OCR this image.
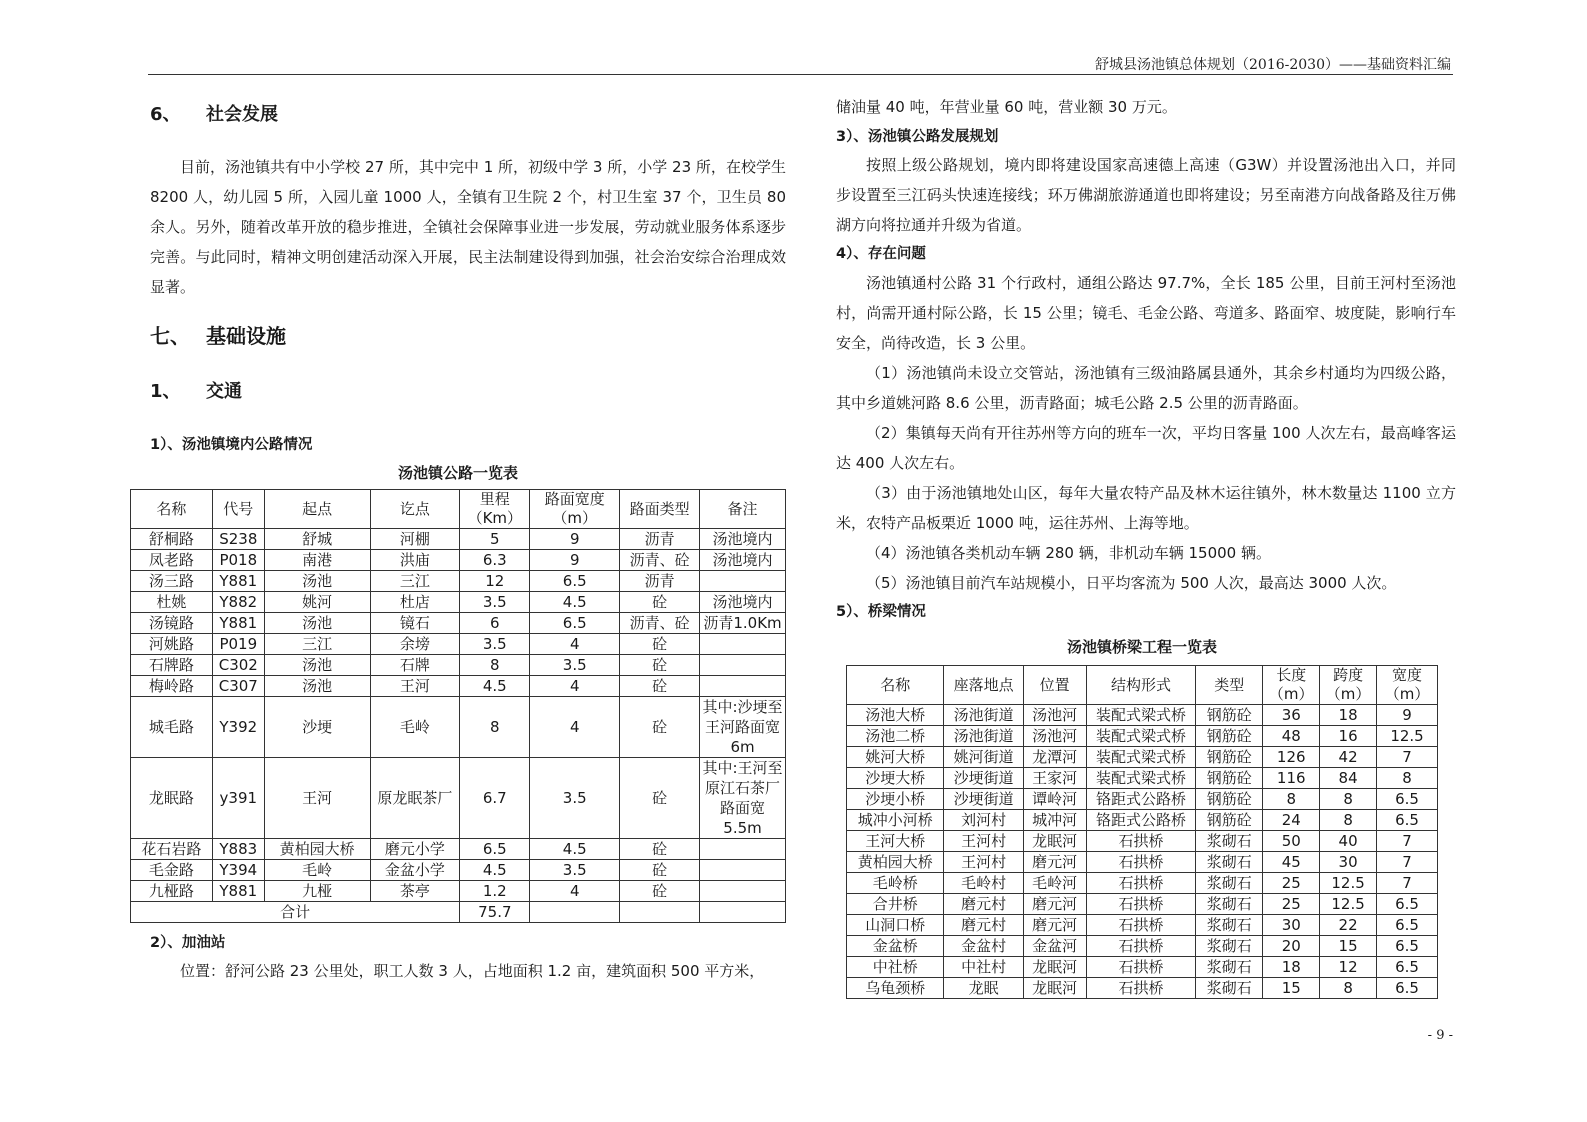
舒城县汤池镇总体规划（2016-2030）——基础资料汇编
6、	社会发展

目前，汤池镇共有中小学校 27 所，其中完中 1 所，初级中学 3 所，小学 23 所，在校学生 8200 人，幼儿园 5 所，入园儿童 1000 人，全镇有卫生院 2 个，村卫生室 37 个，卫生员 80 余人。另外，随着改革开放的稳步推进，全镇社会保障事业进一步发展，劳动就业服务体系逐步完善。与此同时，精神文明创建活动深入开展，民主法制建设得到加强，社会治安综合治理成效显著。

七、 基础设施
1、	交通
1）、汤池镇境内公路情况
汤池镇公路一览表
名称	代号	起点	讫点	里程（Km）	路面宽度（m）	路面类型	备注
舒桐路	S238	舒城	河棚	5	9	沥青	汤池境内
凤老路	P018	南港	洪庙	6.3	9	沥青、砼	汤池境内
汤三路	Y881	汤池	三江	12	6.5	沥青	
杜姚	Y882	姚河	杜店	3.5	4.5	砼	汤池境内
汤镜路	Y881	汤池	镜石	6	6.5	沥青、砼	沥青1.0Km
河姚路	P019	三江	余塝	3.5	4	砼	
石牌路	C302	汤池	石牌	8	3.5	砼	
梅岭路	C307	汤池	王河	4.5	4	砼	
城毛路	Y392	沙埂	毛岭	8	4	砼	其中:沙埂至王河路面宽6m
龙眠路	y391	王河	原龙眠茶厂	6.7	3.5	砼	其中:王河至原江石茶厂路面宽 5.5m
花石岩路	Y883	黄柏园大桥	磨元小学	6.5	4.5	砼	
毛金路	Y394	毛岭	金盆小学	4.5	3.5	砼	
九桠路	Y881	九桠	茶亭	1.2	4	砼	
合计				75.7			
2）、加油站

位置：舒河公路 23 公里处，职工人数 3 人，占地面积 1.2 亩，建筑面积 500 平方米，

储油量 40 吨，年营业量 60 吨，营业额 30 万元。

3）、汤池镇公路发展规划

按照上级公路规划，境内即将建设国家高速德上高速（G3W）并设置汤池出入口，并同步设置至三江码头快速连接线；环万佛湖旅游通道也即将建设；另至南港方向战备路及往万佛湖方向将拉通并升级为省道。

4）、存在问题

汤池镇通村公路 31 个行政村，通组公路达 97.7%，全长 185 公里，目前王河村至汤池村，尚需开通村际公路，长 15 公里；镜毛、毛金公路、弯道多、路面窄、坡度陡，影响行车安全，尚待改造，长 3 公里。

（1）汤池镇尚未设立交管站，汤池镇有三级油路属县通外，其余乡村通均为四级公路，其中乡道姚河路 8.6 公里，沥青路面；城毛公路 2.5 公里的沥青路面。

（2）集镇每天尚有开往苏州等方向的班车一次，平均日客量 100 人次左右，最高峰客运达 400 人次左右。

（3）由于汤池镇地处山区，每年大量农特产品及林木运往镇外，林木数量达 1100 立方米，农特产品板栗近 1000 吨，运往苏州、上海等地。

（4）汤池镇各类机动车辆 280 辆，非机动车辆 15000 辆。

（5）汤池镇目前汽车站规模小，日平均客流为 500 人次，最高达 3000 人次。

5）、桥梁情况
汤池镇桥梁工程一览表
名称	座落地点	位置	结构形式	类型	长度（m）	跨度（m）	宽度（m）
汤池大桥	汤池街道	汤池河	装配式梁式桥	钢筋砼	36	18	9
汤池二桥	汤池街道	汤池河	装配式梁式桥	钢筋砼	48	16	12.5
姚河大桥	姚河街道	龙潭河	装配式梁式桥	钢筋砼	126	42	7
沙埂大桥	沙埂街道	王家河	装配式梁式桥	钢筋砼	116	84	8
沙埂小桥	沙埂街道	谭岭河	铬距式公路桥	钢筋砼	8	8	6.5
城冲小河桥	刘河村	城冲河	铬距式公路桥	钢筋砼	24	8	6.5
王河大桥	王河村	龙眠河	石拱桥	浆砌石	50	40	7
黄柏园大桥	王河村	磨元河	石拱桥	浆砌石	45	30	7
毛岭桥	毛岭村	毛岭河	石拱桥	浆砌石	25	12.5	7
合井桥	磨元村	磨元河	石拱桥	浆砌石	25	12.5	6.5
山洞口桥	磨元村	磨元河	石拱桥	浆砌石	30	22	6.5
金盆桥	金盆村	金盆河	石拱桥	浆砌石	20	15	6.5
中社桥	中社村	龙眠河	石拱桥	浆砌石	18	12	6.5
乌龟颈桥	龙眠	龙眠河	石拱桥	浆砌石	15	8	6.5
- 9 -
